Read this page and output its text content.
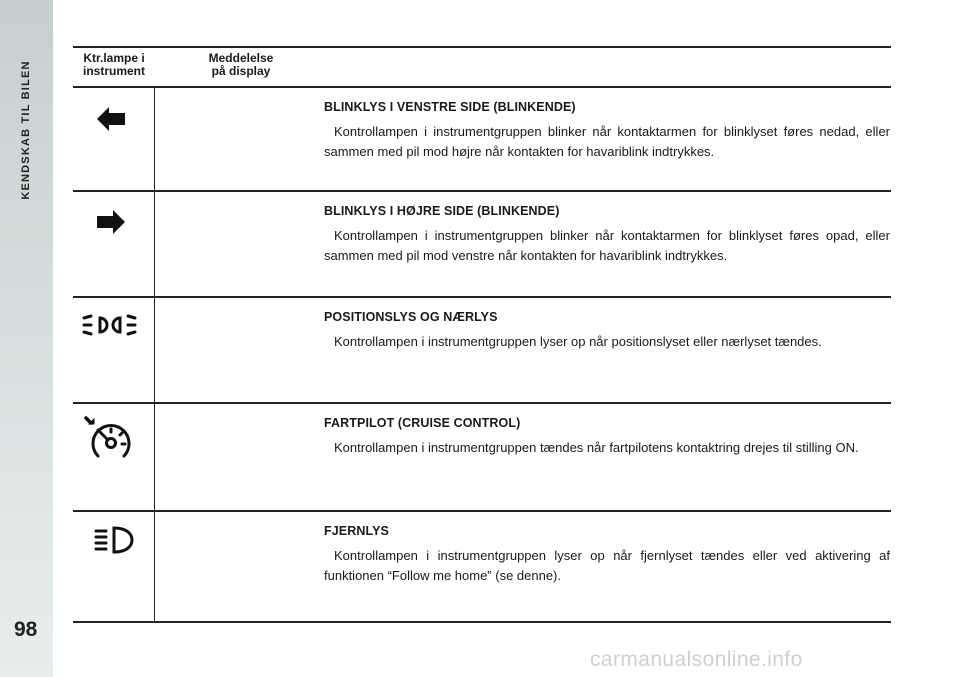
KENDSKAB TIL BILEN
98
Ktr.lampe i
instrument
Meddelelse
på display
BLINKLYS I VENSTRE SIDE (BLINKENDE)
Kontrollampen i instrumentgruppen blinker når kontaktarmen for blinklyset føres nedad, eller sammen med pil mod højre når kontakten for havariblink indtrykkes.
BLINKLYS I HØJRE SIDE (BLINKENDE)
Kontrollampen i instrumentgruppen blinker når kontaktarmen for blinklyset føres opad, eller sammen med pil mod venstre når kontakten for havariblink indtrykkes.
POSITIONSLYS OG NÆRLYS
Kontrollampen i instrumentgruppen lyser op når positionslyset eller nærlyset tændes.
FARTPILOT (CRUISE CONTROL)
Kontrollampen i instrumentgruppen tændes når fartpilotens kontaktring drejes til stilling ON.
FJERNLYS
Kontrollampen i instrumentgruppen lyser op når fjernlyset tændes eller ved aktivering af funktionen “Follow me home” (se denne).
carmanualsonline.info
